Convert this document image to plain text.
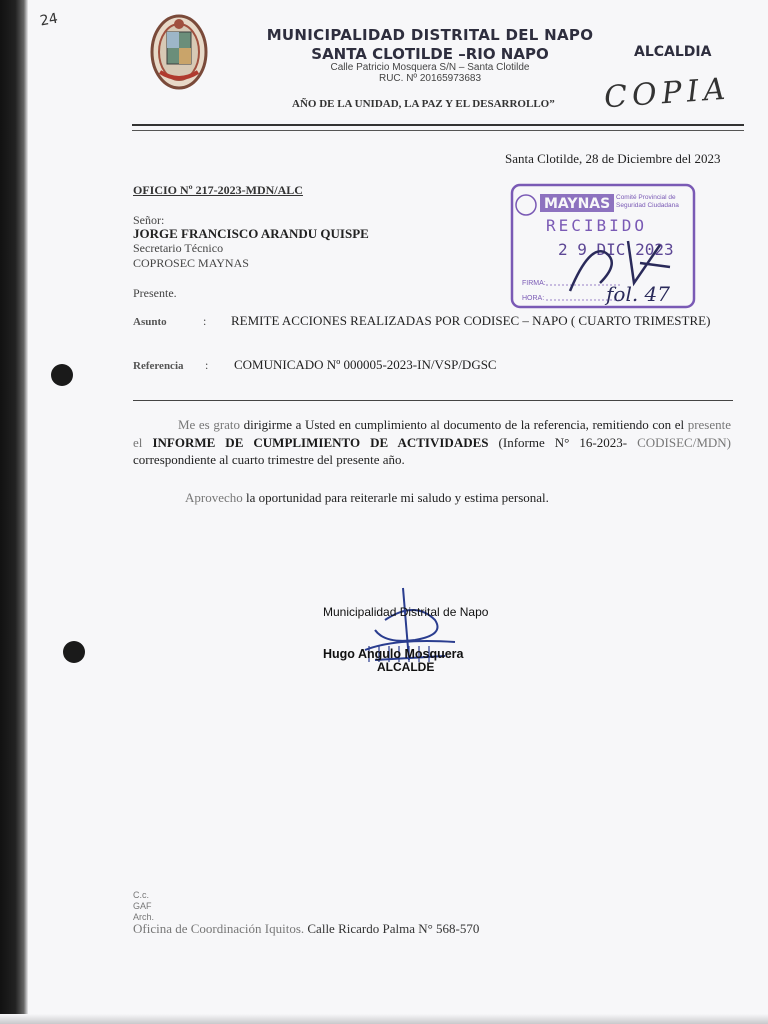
24
MUNICIPALIDAD DISTRITAL DEL NAPO
SANTA CLOTILDE –RIO NAPO
Calle Patricio Mosquera S/N – Santa Clotilde
RUC. Nº 20165973683
ALCALDIA
AÑO DE LA UNIDAD, LA PAZ Y EL DESARROLLO” COPIA
Santa Clotilde, 28 de Diciembre del 2023
OFICIO Nº 217-2023-MDN/ALC
Señor:
JORGE FRANCISCO ARANDU QUISPE
Secretario Técnico
COPROSEC MAYNAS
Presente.
Asunto	: REMITE ACCIONES REALIZADAS POR CODISEC – NAPO ( CUARTO TRIMESTRE)
Referencia : COMUNICADO Nº 000005-2023-IN/VSP/DGSC
Me es grato dirigirme a Usted en cumplimiento al documento de la referencia, remitiendo con el presente el INFORME DE CUMPLIMIENTO DE ACTIVIDADES (Informe N° 16-2023- CODISEC/MDN) correspondiente al cuarto trimestre del presente año.
Aprovecho la oportunidad para reiterarle mi saludo y estima personal.
MAYNAS Comité Provincial de Seguridad Ciudadana
RECIBIDO
2 9 DIC 2023
FIRMA:
HORA:	fol. 47
Municipalidad Distrital de Napo
Hugo Angulo Mosquera
ALCALDE
C.c.
GAF
Arch.
Oficina de Coordinación Iquitos. Calle Ricardo Palma N° 568-570
